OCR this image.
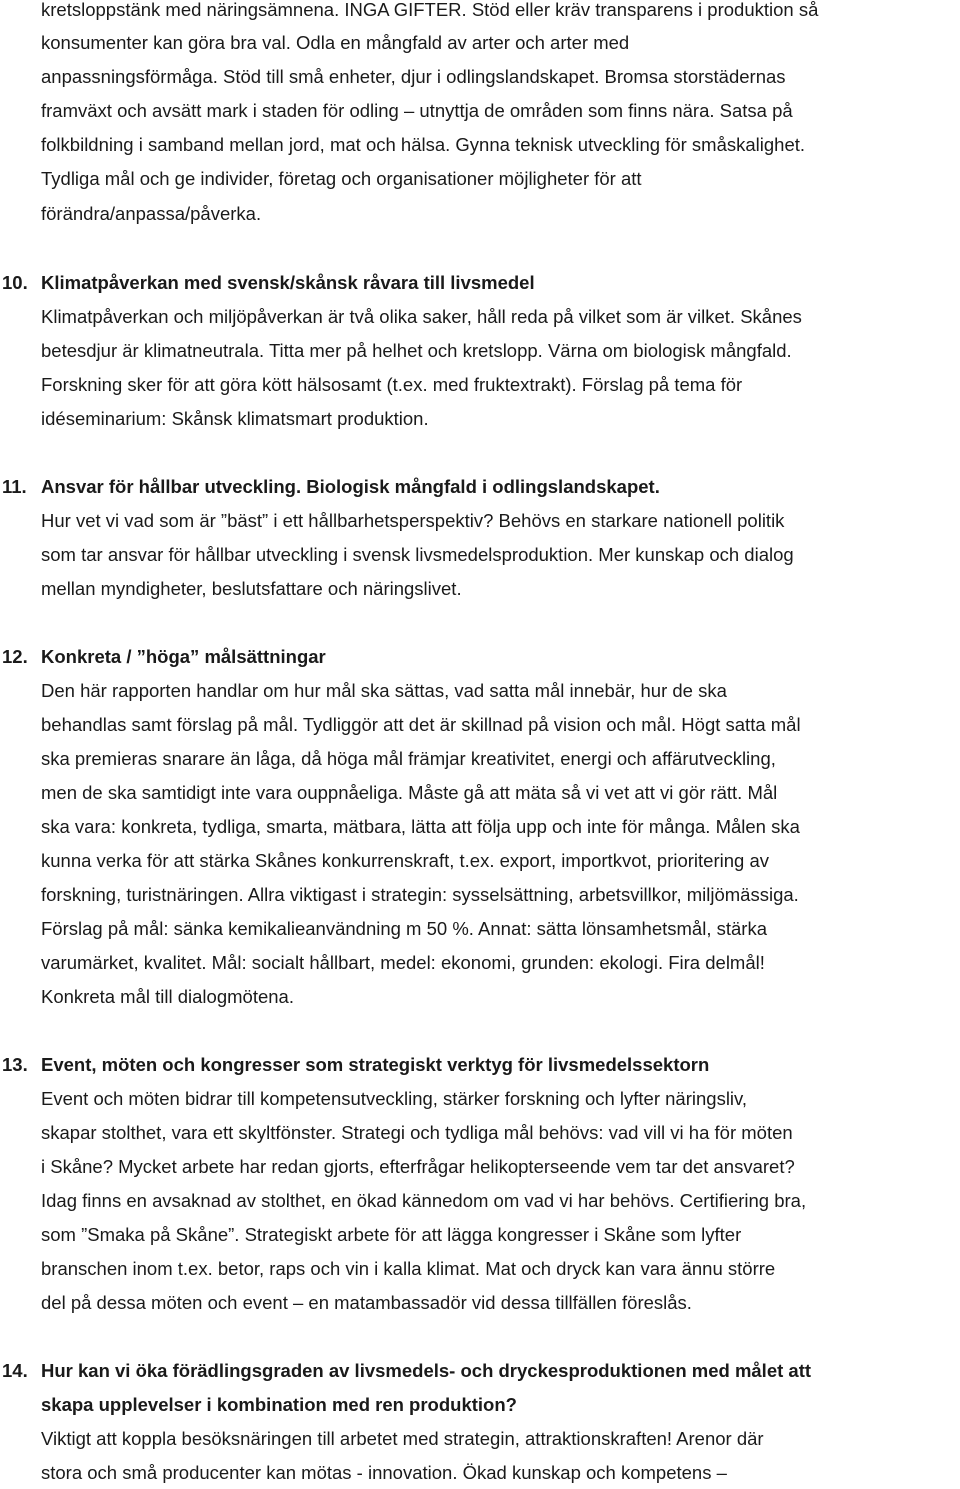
kretsloppstänk med näringsämnena. INGA GIFTER. Stöd eller kräv transparens i produktion så
konsumenter kan göra bra val. Odla en mångfald av arter och arter med
anpassningsförmåga. Stöd till små enheter, djur i odlingslandskapet. Bromsa storstädernas
framväxt och avsätt mark i staden för odling – utnyttja de områden som finns nära. Satsa på
folkbildning i samband mellan jord, mat och hälsa. Gynna teknisk utveckling för småskalighet.
Tydliga mål och ge individer, företag och organisationer möjligheter för att
förändra/anpassa/påverka.
10. Klimatpåverkan med svensk/skånsk råvara till livsmedel
Klimatpåverkan och miljöpåverkan är två olika saker, håll reda på vilket som är vilket. Skånes
betesdjur är klimatneutrala. Titta mer på helhet och kretslopp. Värna om biologisk mångfald.
Forskning sker för att göra kött hälsosamt (t.ex. med fruktextrakt). Förslag på tema för
idéseminarium: Skånsk klimatsmart produktion.
11. Ansvar för hållbar utveckling. Biologisk mångfald i odlingslandskapet.
Hur vet vi vad som är ”bäst” i ett hållbarhetsperspektiv? Behövs en starkare nationell politik
som tar ansvar för hållbar utveckling i svensk livsmedelsproduktion. Mer kunskap och dialog
mellan myndigheter, beslutsfattare och näringslivet.
12. Konkreta / ”höga” målsättningar
Den här rapporten handlar om hur mål ska sättas, vad satta mål innebär, hur de ska
behandlas samt förslag på mål. Tydliggör att det är skillnad på vision och mål. Högt satta mål
ska premieras snarare än låga, då höga mål främjar kreativitet, energi och affärutveckling,
men de ska samtidigt inte vara ouppnåeliga. Måste gå att mäta så vi vet att vi gör rätt. Mål
ska vara: konkreta, tydliga, smarta, mätbara, lätta att följa upp och inte för många. Målen ska
kunna verka för att stärka Skånes konkurrenskraft, t.ex. export, importkvot, prioritering av
forskning, turistnäringen. Allra viktigast i strategin: sysselsättning, arbetsvillkor, miljömässiga.
Förslag på mål: sänka kemikalieanvändning m 50 %. Annat: sätta lönsamhetsmål, stärka
varumärket, kvalitet. Mål: socialt hållbart, medel: ekonomi, grunden: ekologi. Fira delmål!
Konkreta mål till dialogmötena.
13. Event, möten och kongresser som strategiskt verktyg för livsmedelssektorn
Event och möten bidrar till kompetensutveckling, stärker forskning och lyfter näringsliv,
skapar stolthet, vara ett skyltfönster. Strategi och tydliga mål behövs: vad vill vi ha för möten
i Skåne? Mycket arbete har redan gjorts, efterfrågar helikopterseende vem tar det ansvaret?
Idag finns en avsaknad av stolthet, en ökad kännedom om vad vi har behövs. Certifiering bra,
som ”Smaka på Skåne”. Strategiskt arbete för att lägga kongresser i Skåne som lyfter
branschen inom t.ex. betor, raps och vin i kalla klimat. Mat och dryck kan vara ännu större
del på dessa möten och event – en matambassadör vid dessa tillfällen föreslås.
14. Hur kan vi öka förädlingsgraden av livsmedels- och dryckesproduktionen med målet att
skapa upplevelser i kombination med ren produktion?
Viktigt att koppla besöksnäringen till arbetet med strategin, attraktionskraften! Arenor där
stora och små producenter kan mötas - innovation. Ökad kunskap och kompetens –
